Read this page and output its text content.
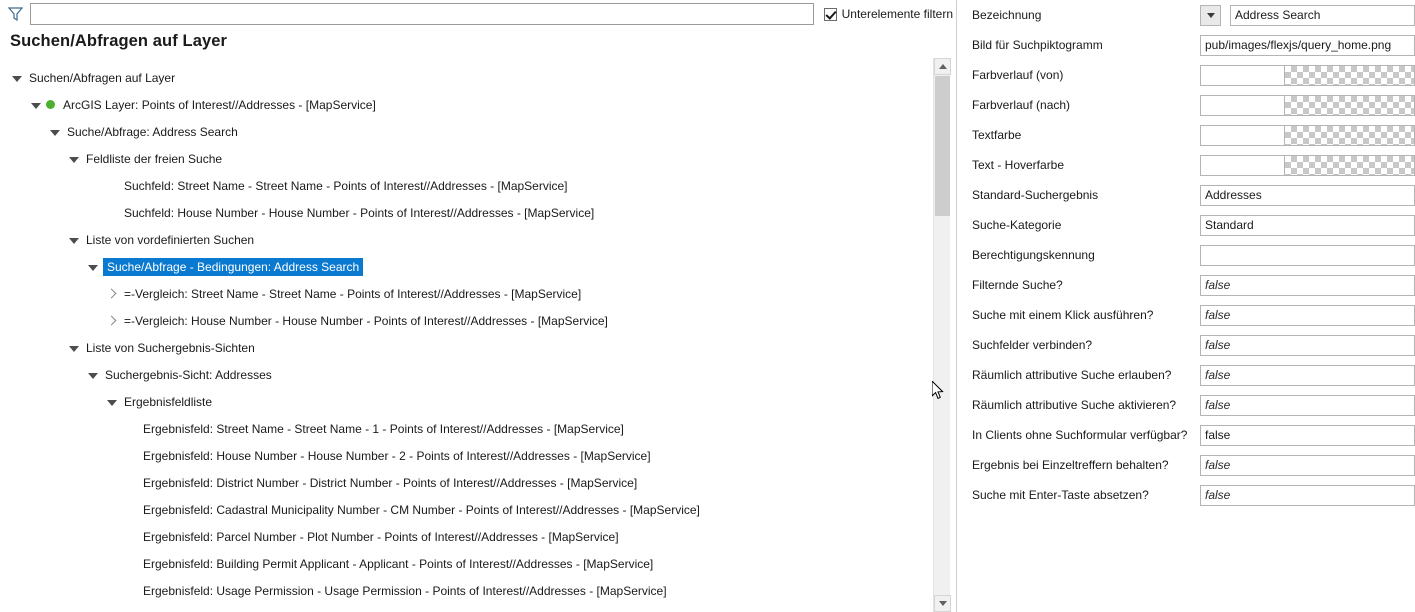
Unterelemente filtern
Suchen/Abfragen auf Layer
Suchen/Abfragen auf Layer
ArcGIS Layer: Points of Interest//Addresses - [MapService]
Suche/Abfrage: Address Search
Feldliste der freien Suche
Suchfeld: Street Name - Street Name - Points of Interest//Addresses - [MapService]
Suchfeld: House Number - House Number - Points of Interest//Addresses - [MapService]
Liste von vordefinierten Suchen
Suche/Abfrage - Bedingungen: Address Search
=-Vergleich: Street Name - Street Name - Points of Interest//Addresses - [MapService]
=-Vergleich: House Number - House Number - Points of Interest//Addresses - [MapService]
Liste von Suchergebnis-Sichten
Suchergebnis-Sicht: Addresses
Ergebnisfeldliste
Ergebnisfeld: Street Name - Street Name - 1 - Points of Interest//Addresses - [MapService]
Ergebnisfeld: House Number - House Number - 2 - Points of Interest//Addresses - [MapService]
Ergebnisfeld: District Number - District Number - Points of Interest//Addresses - [MapService]
Ergebnisfeld: Cadastral Municipality Number - CM Number - Points of Interest//Addresses - [MapService]
Ergebnisfeld: Parcel Number - Plot Number - Points of Interest//Addresses - [MapService]
Ergebnisfeld: Building Permit Applicant - Applicant - Points of Interest//Addresses - [MapService]
Ergebnisfeld: Usage Permission - Usage Permission - Points of Interest//Addresses - [MapService]
Bezeichnung	Address Search
Bild für Suchpiktogramm	pub/images/flexjs/query_home.png
Farbverlauf (von)
Farbverlauf (nach)
Textfarbe
Text - Hoverfarbe
Standard-Suchergebnis	Addresses
Suche-Kategorie	Standard
Berechtigungskennung
Filternde Suche?	false
Suche mit einem Klick ausführen?	false
Suchfelder verbinden?	false
Räumlich attributive Suche erlauben?	false
Räumlich attributive Suche aktivieren?	false
In Clients ohne Suchformular verfügbar?	false
Ergebnis bei Einzeltreffern behalten?	false
Suche mit Enter-Taste absetzen?	false
